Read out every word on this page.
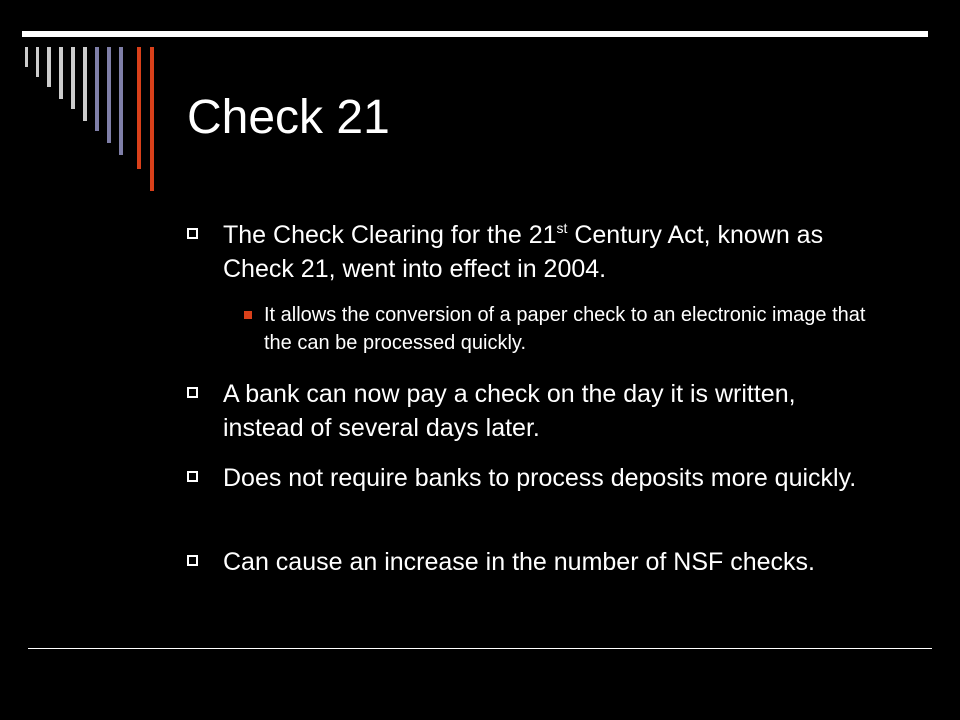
Check 21
The Check Clearing for the 21st Century Act, known as Check 21, went into effect in 2004.
It allows the conversion of a paper check to an electronic image that the can be processed quickly.
A bank can now pay a check on the day it is written, instead of several days later.
Does not require banks to process deposits more quickly.
Can cause an increase in the number of NSF checks.
